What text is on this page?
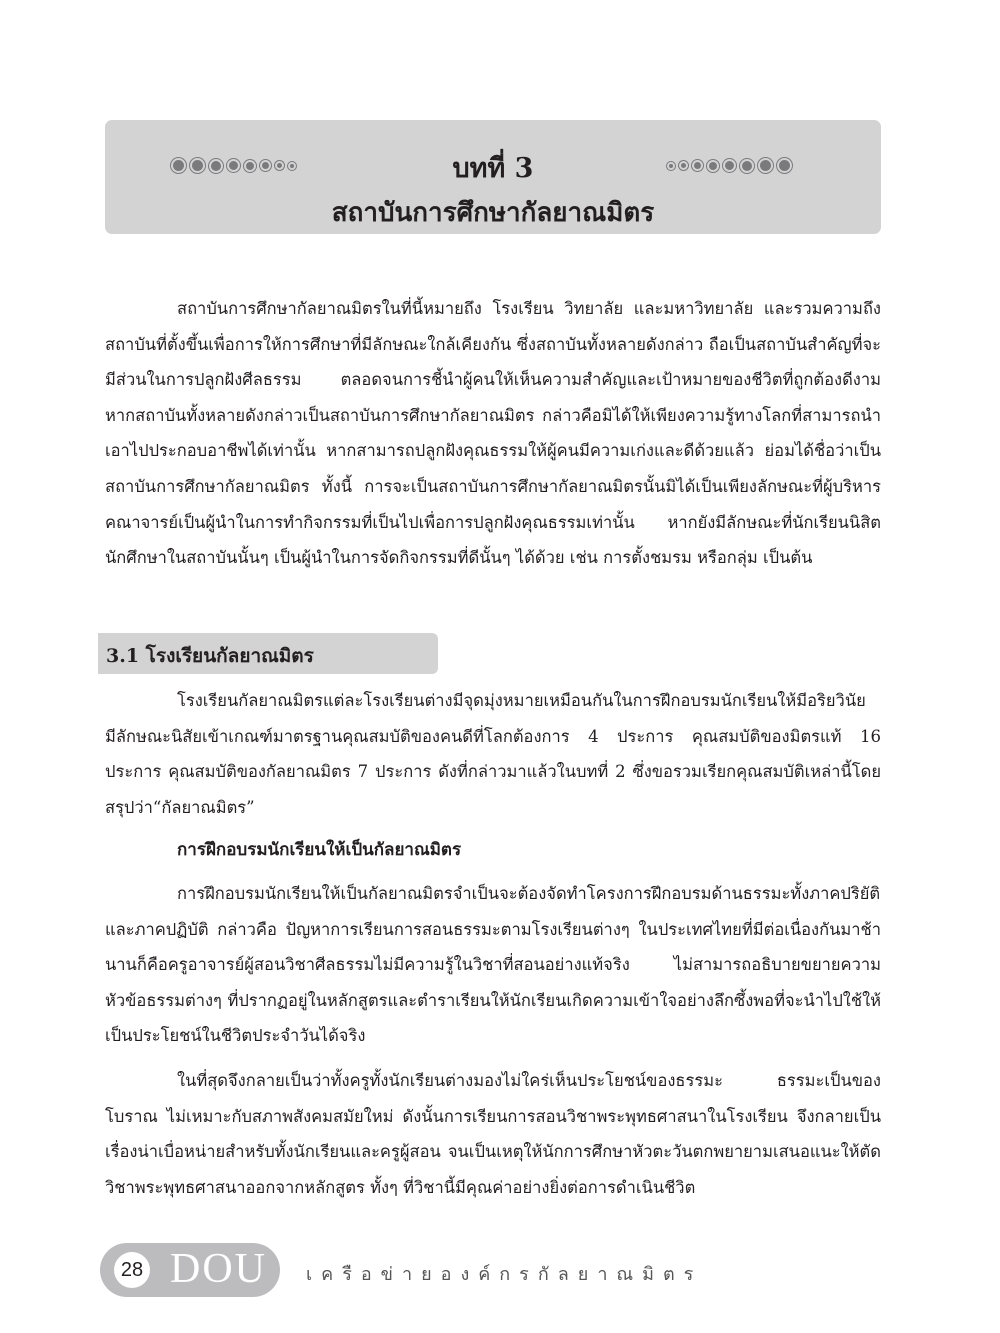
บทที่ 3
สถาบันการศึกษากัลยาณมิตร

สถาบันการศึกษากัลยาณมิตรในที่นี้หมายถึง โรงเรียน วิทยาลัย และมหาวิทยาลัย และรวมความถึงสถาบันที่ตั้งขึ้นเพื่อการให้การศึกษาที่มีลักษณะใกล้เคียงกัน ซึ่งสถาบันทั้งหลายดังกล่าว ถือเป็นสถาบันสำคัญที่จะมีส่วนในการปลูกฝังศีลธรรม ตลอดจนการชี้นำผู้คนให้เห็นความสำคัญและเป้าหมายของชีวิตที่ถูกต้องดีงาม หากสถาบันทั้งหลายดังกล่าวเป็นสถาบันการศึกษากัลยาณมิตร กล่าวคือมิได้ให้เพียงความรู้ทางโลกที่สามารถนำเอาไปประกอบอาชีพได้เท่านั้น หากสามารถปลูกฝังคุณธรรมให้ผู้คนมีความเก่งและดีด้วยแล้ว ย่อมได้ชื่อว่าเป็นสถาบันการศึกษากัลยาณมิตร ทั้งนี้ การจะเป็นสถาบันการศึกษากัลยาณมิตรนั้นมิได้เป็นเพียงลักษณะที่ผู้บริหารคณาจารย์เป็นผู้นำในการทำกิจกรรมที่เป็นไปเพื่อการปลูกฝังคุณธรรมเท่านั้น หากยังมีลักษณะที่นักเรียนนิสิตนักศึกษาในสถาบันนั้นๆ เป็นผู้นำในการจัดกิจกรรมที่ดีนั้นๆ ได้ด้วย เช่น การตั้งชมรม หรือกลุ่ม เป็นต้น

3.1 โรงเรียนกัลยาณมิตร

โรงเรียนกัลยาณมิตรแต่ละโรงเรียนต่างมีจุดมุ่งหมายเหมือนกันในการฝึกอบรมนักเรียนให้มีอริยวินัย มีลักษณะนิสัยเข้าเกณฑ์มาตรฐานคุณสมบัติของคนดีที่โลกต้องการ 4 ประการ คุณสมบัติของมิตรแท้ 16 ประการ คุณสมบัติของกัลยาณมิตร 7 ประการ ดังที่กล่าวมาแล้วในบทที่ 2 ซึ่งขอรวมเรียกคุณสมบัติเหล่านี้โดยสรุปว่า“กัลยาณมิตร”

การฝึกอบรมนักเรียนให้เป็นกัลยาณมิตร

การฝึกอบรมนักเรียนให้เป็นกัลยาณมิตรจำเป็นจะต้องจัดทำโครงการฝึกอบรมด้านธรรมะทั้งภาคปริยัติและภาคปฏิบัติ กล่าวคือ ปัญหาการเรียนการสอนธรรมะตามโรงเรียนต่างๆ ในประเทศไทยที่มีต่อเนื่องกันมาช้านานก็คือครูอาจารย์ผู้สอนวิชาศีลธรรมไม่มีความรู้ในวิชาที่สอนอย่างแท้จริง ไม่สามารถอธิบายขยายความหัวข้อธรรมต่างๆ ที่ปรากฏอยู่ในหลักสูตรและตำราเรียนให้นักเรียนเกิดความเข้าใจอย่างลึกซึ้งพอที่จะนำไปใช้ให้เป็นประโยชน์ในชีวิตประจำวันได้จริง

ในที่สุดจึงกลายเป็นว่าทั้งครูทั้งนักเรียนต่างมองไม่ใคร่เห็นประโยชน์ของธรรมะ ธรรมะเป็นของโบราณ ไม่เหมาะกับสภาพสังคมสมัยใหม่ ดังนั้นการเรียนการสอนวิชาพระพุทธศาสนาในโรงเรียน จึงกลายเป็นเรื่องน่าเบื่อหน่ายสำหรับทั้งนักเรียนและครูผู้สอน จนเป็นเหตุให้นักการศึกษาหัวตะวันตกพยายามเสนอแนะให้ตัดวิชาพระพุทธศาสนาออกจากหลักสูตร ทั้งๆ ที่วิชานี้มีคุณค่าอย่างยิ่งต่อการดำเนินชีวิต

28 DOU เครือข่ายองค์กรกัลยาณมิตร
